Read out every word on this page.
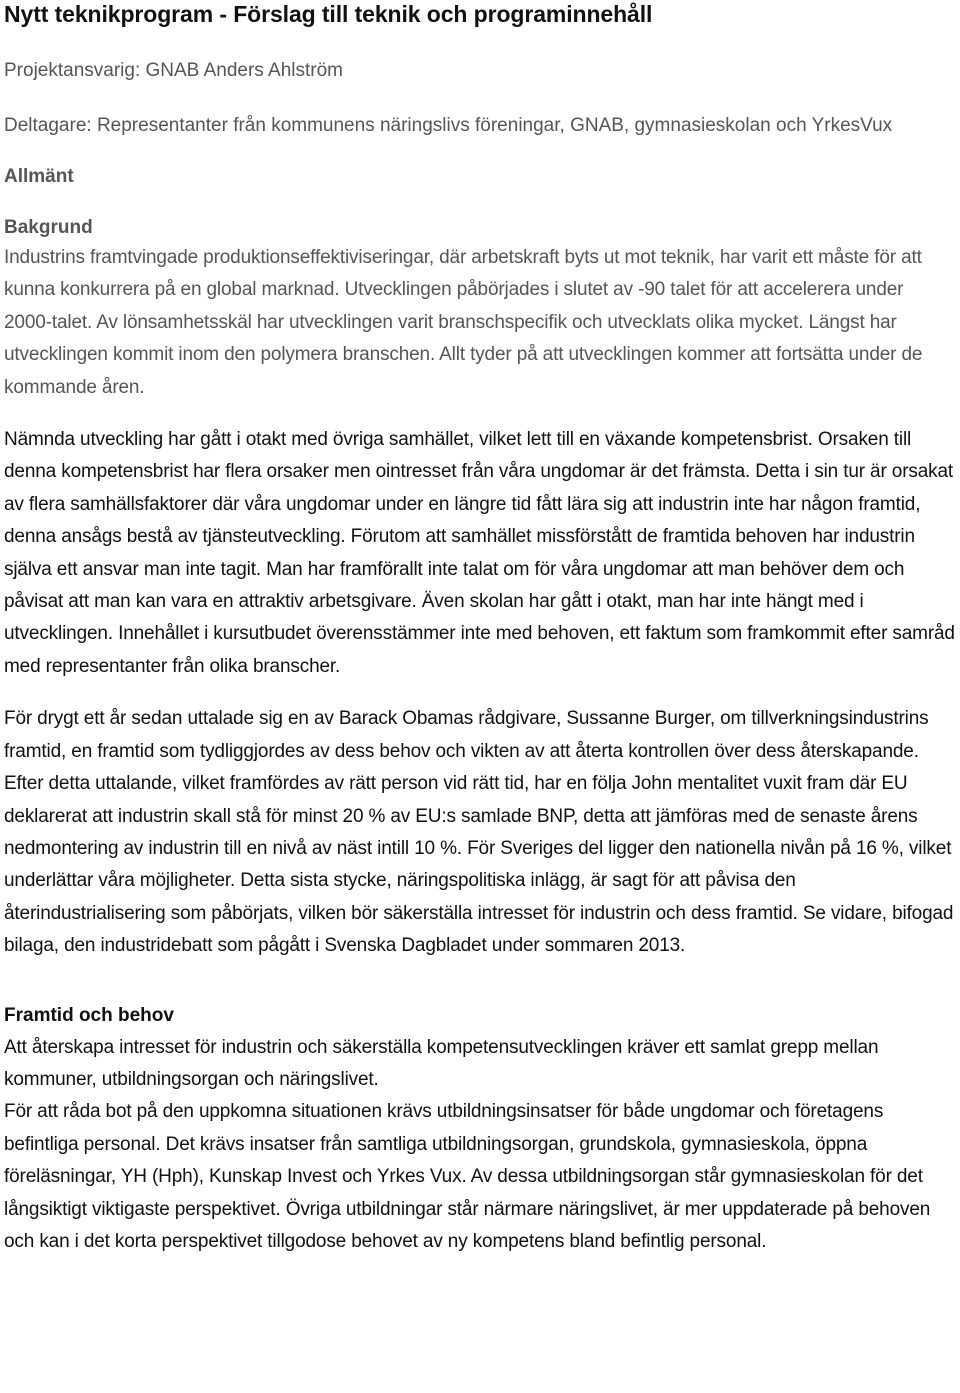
Nytt teknikprogram - Förslag till teknik och programinnehåll

Projektansvarig: GNAB Anders Ahlström

Deltagare: Representanter från kommunens näringslivs föreningar, GNAB, gymnasieskolan och YrkesVux

Allmänt
Bakgrund

Industrins framtvingade produktionseffektiviseringar, där arbetskraft byts ut mot teknik, har varit ett måste för att kunna konkurrera på en global marknad. Utvecklingen påbörjades i slutet av -90 talet för att accelerera under 2000-talet. Av lönsamhetsskäl har utvecklingen varit branschspecifik och utvecklats olika mycket. Längst har utvecklingen kommit inom den polymera branschen. Allt tyder på att utvecklingen kommer att fortsätta under de kommande åren.

Nämnda utveckling har gått i otakt med övriga samhället, vilket lett till en växande kompetensbrist. Orsaken till denna kompetensbrist har flera orsaker men ointresset från våra ungdomar är det främsta. Detta i sin tur är orsakat av flera samhällsfaktorer där våra ungdomar under en längre tid fått lära sig att industrin inte har någon framtid, denna ansågs bestå av tjänsteutveckling. Förutom att samhället missförstått de framtida behoven har industrin själva ett ansvar man inte tagit. Man har framförallt inte talat om för våra ungdomar att man behöver dem och påvisat att man kan vara en attraktiv arbetsgivare. Även skolan har gått i otakt, man har inte hängt med i utvecklingen. Innehållet i kursutbudet överensstämmer inte med behoven, ett faktum som framkommit efter samråd med representanter från olika branscher.

För drygt ett år sedan uttalade sig en av Barack Obamas rådgivare, Sussanne Burger, om tillverkningsindustrins framtid, en framtid som tydliggjordes av dess behov och vikten av att återta kontrollen över dess återskapande. Efter detta uttalande, vilket framfördes av rätt person vid rätt tid, har en följa John mentalitet vuxit fram där EU deklarerat att industrin skall stå för minst 20 % av EU:s samlade BNP, detta att jämföras med de senaste årens nedmontering av industrin till en nivå av näst intill 10 %. För Sveriges del ligger den nationella nivån på 16 %, vilket underlättar våra möjligheter. Detta sista stycke, näringspolitiska inlägg, är sagt för att påvisa den återindustrialisering som påbörjats, vilken bör säkerställa intresset för industrin och dess framtid. Se vidare, bifogad bilaga, den industridebatt som pågått i Svenska Dagbladet under sommaren 2013.

Framtid och behov

Att återskapa intresset för industrin och säkerställa kompetensutvecklingen kräver ett samlat grepp mellan kommuner, utbildningsorgan och näringslivet.

För att råda bot på den uppkomna situationen krävs utbildningsinsatser för både ungdomar och företagens befintliga personal. Det krävs insatser från samtliga utbildningsorgan, grundskola, gymnasieskola, öppna föreläsningar, YH (Hph), Kunskap Invest och Yrkes Vux. Av dessa utbildningsorgan står gymnasieskolan för det långsiktigt viktigaste perspektivet. Övriga utbildningar står närmare näringslivet, är mer uppdaterade på behoven och kan i det korta perspektivet tillgodose behovet av ny kompetens bland befintlig personal.
